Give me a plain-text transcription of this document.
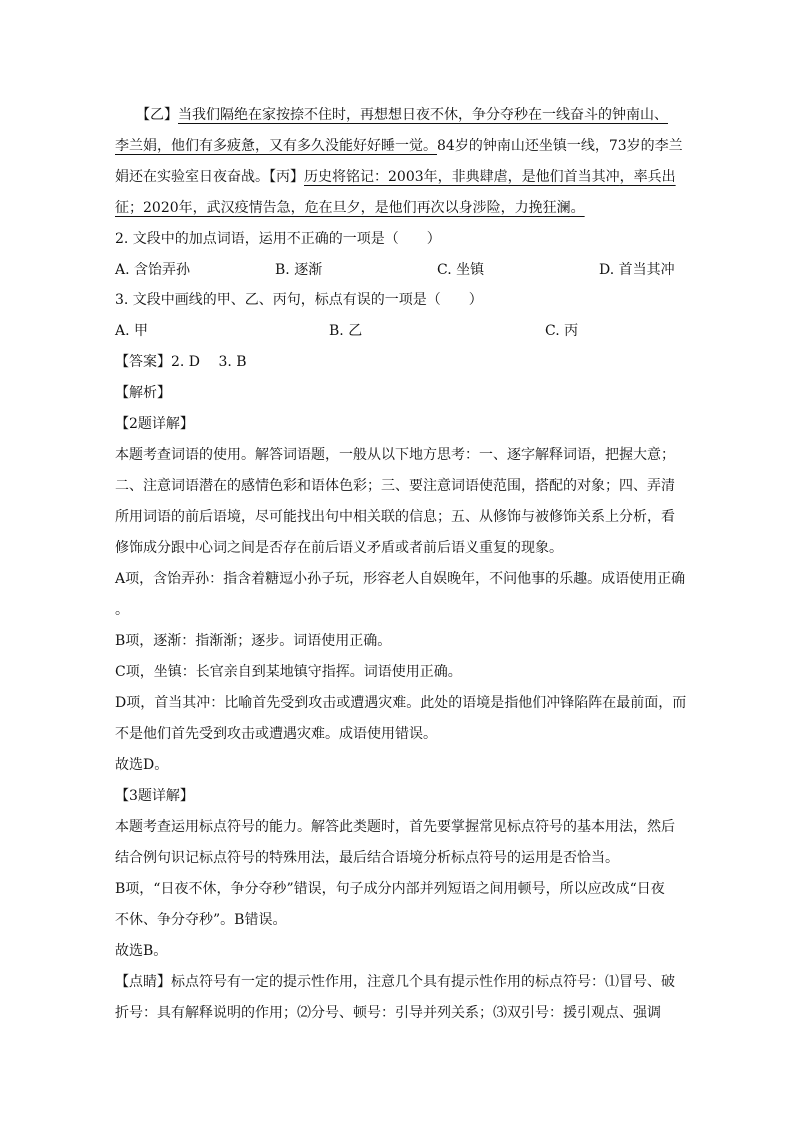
　　【乙】当我们隔绝在家按捺不住时，再想想日夜不休，争分夺秒在一线奋斗的钟南山、
李兰娟，他们有多疲惫，又有多久没能好好睡一觉。84岁的钟南山还坐镇一线，73岁的李兰
娟还在实验室日夜奋战。【丙】历史将铭记：2003年，非典肆虐，是他们首当其冲，率兵出
征；2020年，武汉疫情告急，危在旦夕，是他们再次以身涉险，力挽狂澜。
2. 文段中的加点词语，运用不正确的一项是（　　）
A. 含饴弄孙	B. 逐渐	C. 坐镇	D. 首当其冲
3. 文段中画线的甲、乙、丙句，标点有误的一项是（　　）
A. 甲	B. 乙	C. 丙
【答案】2. D　 3. B
【解析】
【2题详解】
本题考查词语的使用。解答词语题，一般从以下地方思考：一、逐字解释词语，把握大意；
二、注意词语潜在的感情色彩和语体色彩；三、要注意词语使范围，搭配的对象；四、弄清
所用词语的前后语境，尽可能找出句中相关联的信息；五、从修饰与被修饰关系上分析，看
修饰成分跟中心词之间是否存在前后语义矛盾或者前后语义重复的现象。
A项，含饴弄孙：指含着糖逗小孙子玩，形容老人自娱晚年，不问他事的乐趣。成语使用正确
。
B项，逐渐：指渐渐；逐步。词语使用正确。
C项，坐镇：长官亲自到某地镇守指挥。词语使用正确。
D项，首当其冲：比喻首先受到攻击或遭遇灾难。此处的语境是指他们冲锋陷阵在最前面，而
不是他们首先受到攻击或遭遇灾难。成语使用错误。
故选D。
【3题详解】
本题考查运用标点符号的能力。解答此类题时，首先要掌握常见标点符号的基本用法，然后
结合例句识记标点符号的特殊用法，最后结合语境分析标点符号的运用是否恰当。
B项，“日夜不休，争分夺秒”错误，句子成分内部并列短语之间用顿号，所以应改成“日夜
不休、争分夺秒”。B错误。
故选B。
【点睛】标点符号有一定的提示性作用，注意几个具有提示性作用的标点符号：⑴冒号、破
折号：具有解释说明的作用；⑵分号、顿号：引导并列关系；⑶双引号：援引观点、强调
